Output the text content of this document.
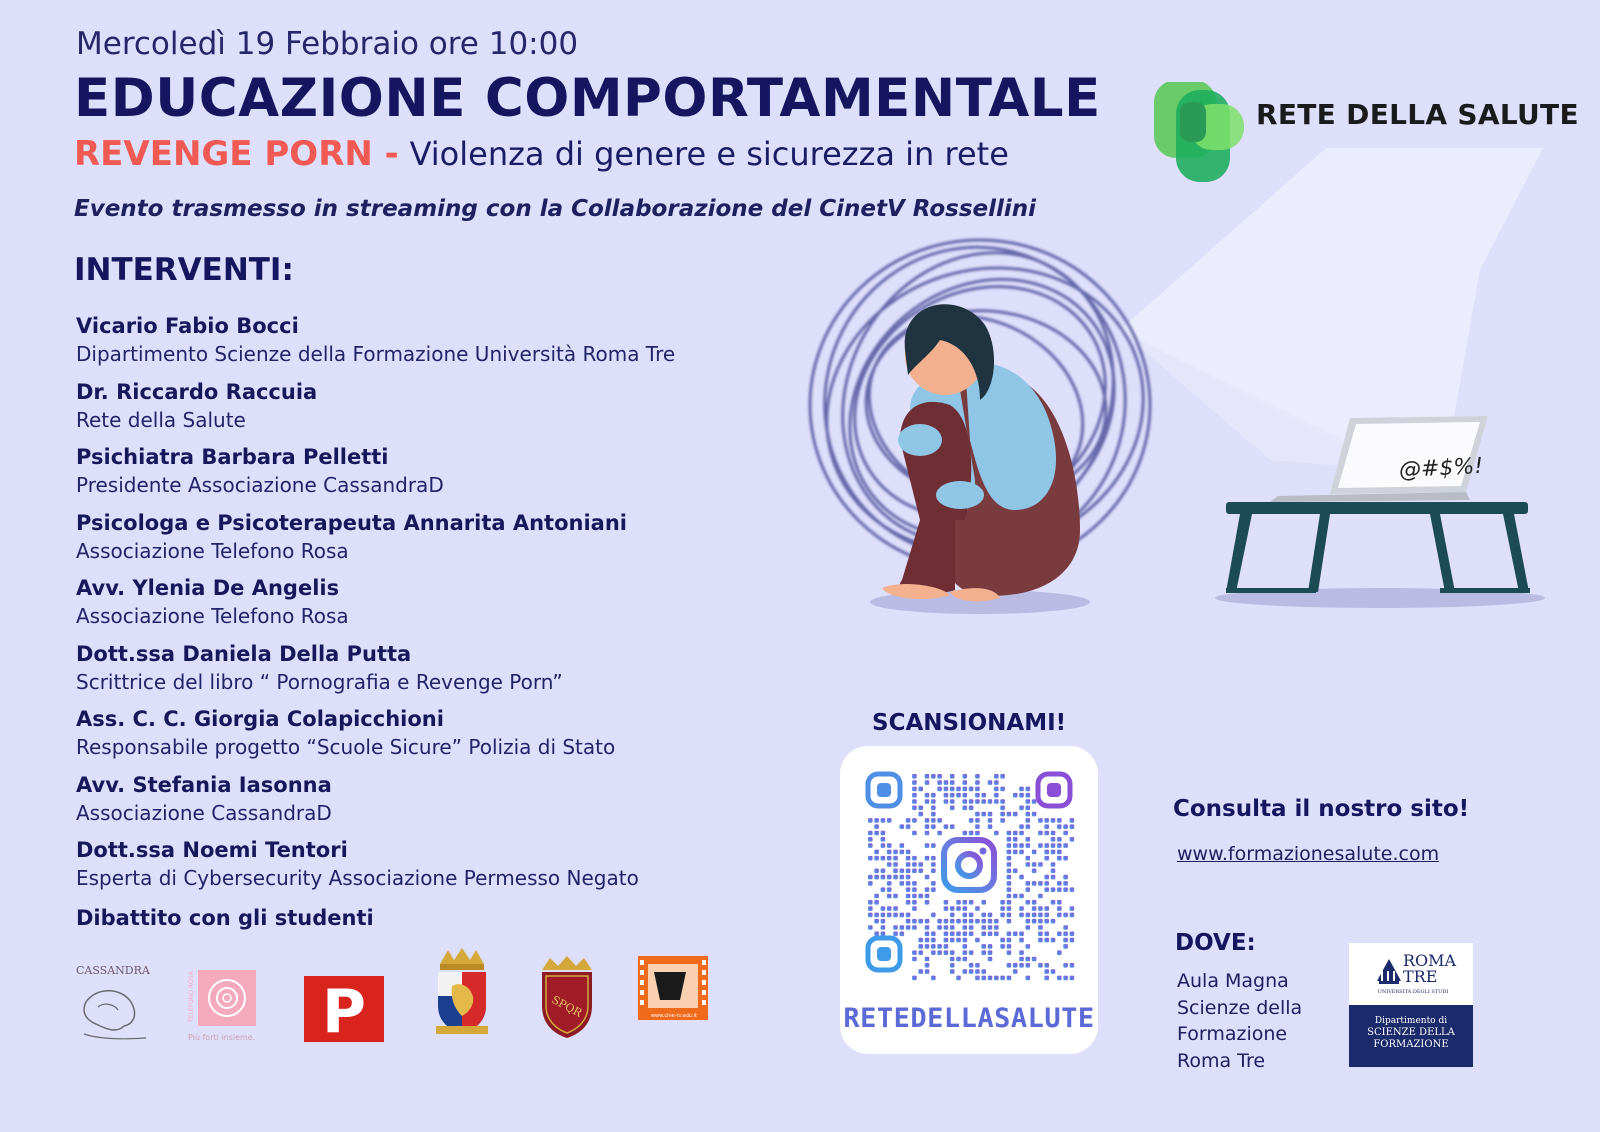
Mercoledì 19 Febbraio ore 10:00
EDUCAZIONE COMPORTAMENTALE
REVENGE PORN - Violenza di genere e sicurezza in rete
Evento trasmesso in streaming con la Collaborazione del CinetV Rossellini
RETE DELLA SALUTE
@#$%!
INTERVENTI:
Vicario Fabio Bocci
Dipartimento Scienze della Formazione Università Roma Tre
Dr. Riccardo Raccuia
Rete della Salute
Psichiatra Barbara Pelletti
Presidente Associazione CassandraD
Psicologa e Psicoterapeuta Annarita Antoniani
Associazione Telefono Rosa
Avv. Ylenia De Angelis
Associazione Telefono Rosa
Dott.ssa Daniela Della Putta
Scrittrice del libro “ Pornografia e Revenge Porn”
Ass. C. C. Giorgia Colapicchioni
Responsabile progetto “Scuole Sicure” Polizia di Stato
Avv. Stefania Iasonna
Associazione CassandraD
Dott.ssa Noemi Tentori
Esperta di Cybersecurity Associazione Permesso Negato
Dibattito con gli studenti
CASSANDRA
TELEFONO ROSA
Più forti insieme. P	SPQR	www.cine-tv.edu.it
SCANSIONAMI!
RETEDELLASALUTE
Consulta il nostro sito!
www.formazionesalute.com
DOVE:
Aula Magna
Scienze della
Formazione
Roma Tre
ROMA
TRE
UNIVERSITÀ DEGLI STUDI
Dipartimento di
SCIENZE DELLA
FORMAZIONE
